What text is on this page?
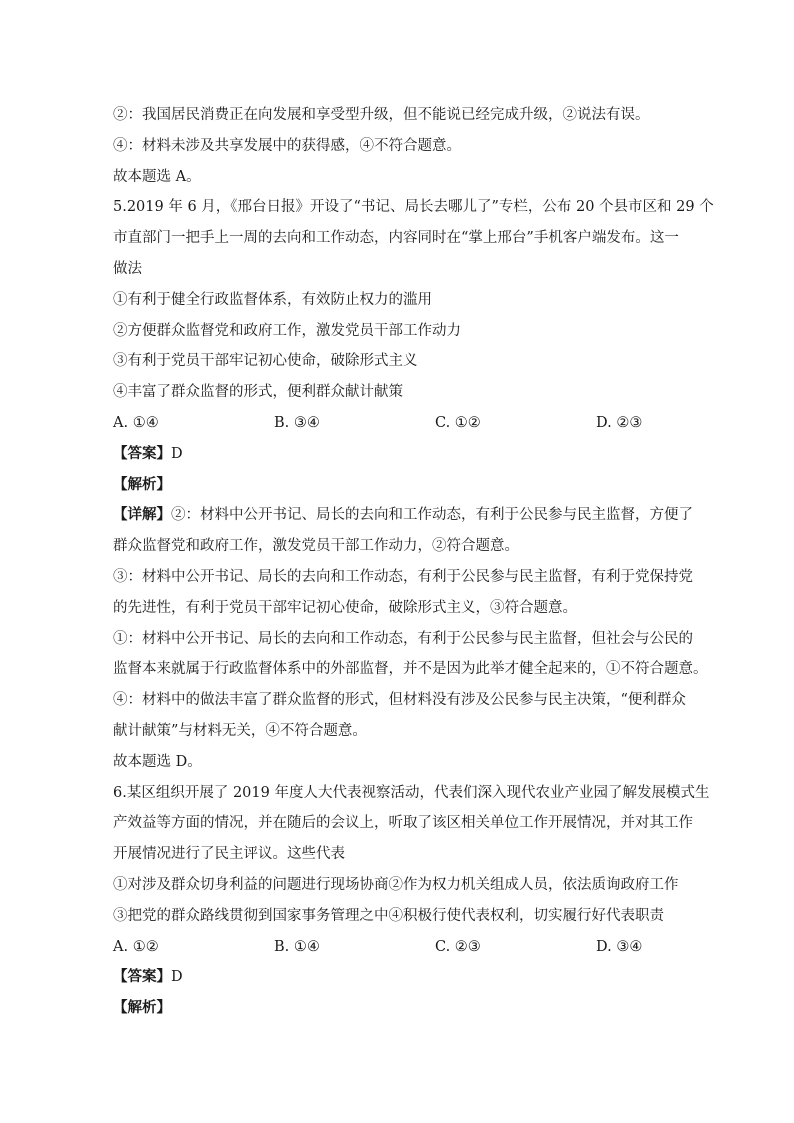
②：我国居民消费正在向发展和享受型升级，但不能说已经完成升级，②说法有误。
④：材料未涉及共享发展中的获得感，④不符合题意。
故本题选 A。
5.2019 年 6 月，《邢台日报》开设了“书记、局长去哪儿了”专栏，公布 20 个县市区和 29 个
市直部门一把手上一周的去向和工作动态，内容同时在“掌上邢台”手机客户端发布。这一
做法
①有利于健全行政监督体系，有效防止权力的滥用
②方便群众监督党和政府工作，激发党员干部工作动力
③有利于党员干部牢记初心使命，破除形式主义
④丰富了群众监督的形式，便利群众献计献策
A. ①④	B. ③④	C. ①②	D. ②③
【答案】D
【解析】
【详解】②：材料中公开书记、局长的去向和工作动态，有利于公民参与民主监督，方便了
群众监督党和政府工作，激发党员干部工作动力，②符合题意。
③：材料中公开书记、局长的去向和工作动态，有利于公民参与民主监督，有利于党保持党
的先进性，有利于党员干部牢记初心使命，破除形式主义，③符合题意。
①：材料中公开书记、局长的去向和工作动态，有利于公民参与民主监督，但社会与公民的
监督本来就属于行政监督体系中的外部监督，并不是因为此举才健全起来的，①不符合题意。
④：材料中的做法丰富了群众监督的形式，但材料没有涉及公民参与民主决策，“便利群众
献计献策”与材料无关，④不符合题意。
故本题选 D。
6.某区组织开展了 2019 年度人大代表视察活动，代表们深入现代农业产业园了解发展模式生
产效益等方面的情况，并在随后的会议上，听取了该区相关单位工作开展情况，并对其工作
开展情况进行了民主评议。这些代表
①对涉及群众切身利益的问题进行现场协商②作为权力机关组成人员，依法质询政府工作
③把党的群众路线贯彻到国家事务管理之中④积极行使代表权利，切实履行好代表职责
A. ①②	B. ①④	C. ②③	D. ③④
【答案】D
【解析】
